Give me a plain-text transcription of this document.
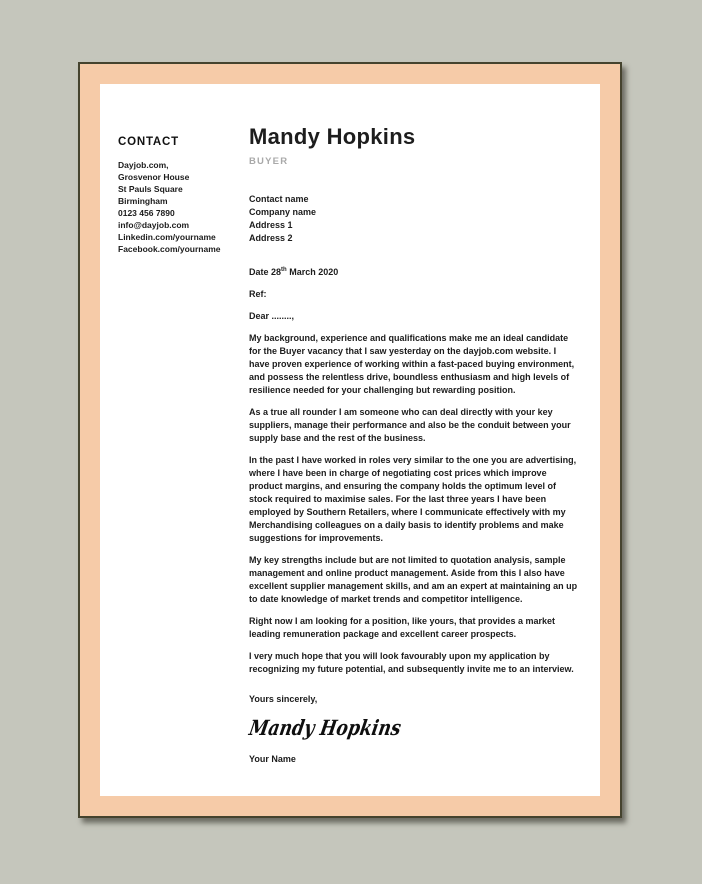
CONTACT
Dayjob.com,
Grosvenor House
St Pauls Square
Birmingham
0123 456 7890
info@dayjob.com
Linkedin.com/yourname
Facebook.com/yourname
Mandy Hopkins
BUYER
Contact name
Company name
Address 1
Address 2
Date 28th March 2020
Ref:
Dear ........,

My background, experience and qualifications make me an ideal candidate for the Buyer vacancy that I saw yesterday on the dayjob.com website. I have proven experience of working within a fast-paced buying environment, and possess the relentless drive, boundless enthusiasm and high levels of resilience needed for your challenging but rewarding position.

As a true all rounder I am someone who can deal directly with your key suppliers, manage their performance and also be the conduit between your supply base and the rest of the business.

In the past I have worked in roles very similar to the one you are advertising, where I have been in charge of negotiating cost prices which improve product margins, and ensuring the company holds the optimum level of stock required to maximise sales. For the last three years I have been employed by Southern Retailers, where I communicate effectively with my Merchandising colleagues on a daily basis to identify problems and make suggestions for improvements.

My key strengths include but are not limited to quotation analysis, sample management and online product management. Aside from this I also have excellent supplier management skills, and am an expert at maintaining an up to date knowledge of market trends and competitor intelligence.

Right now I am looking for a position, like yours, that provides a market leading remuneration package and excellent career prospects.

I very much hope that you will look favourably upon my application by recognizing my future potential, and subsequently invite me to an interview.

Yours sincerely,
Mandy Hopkins
Your Name
